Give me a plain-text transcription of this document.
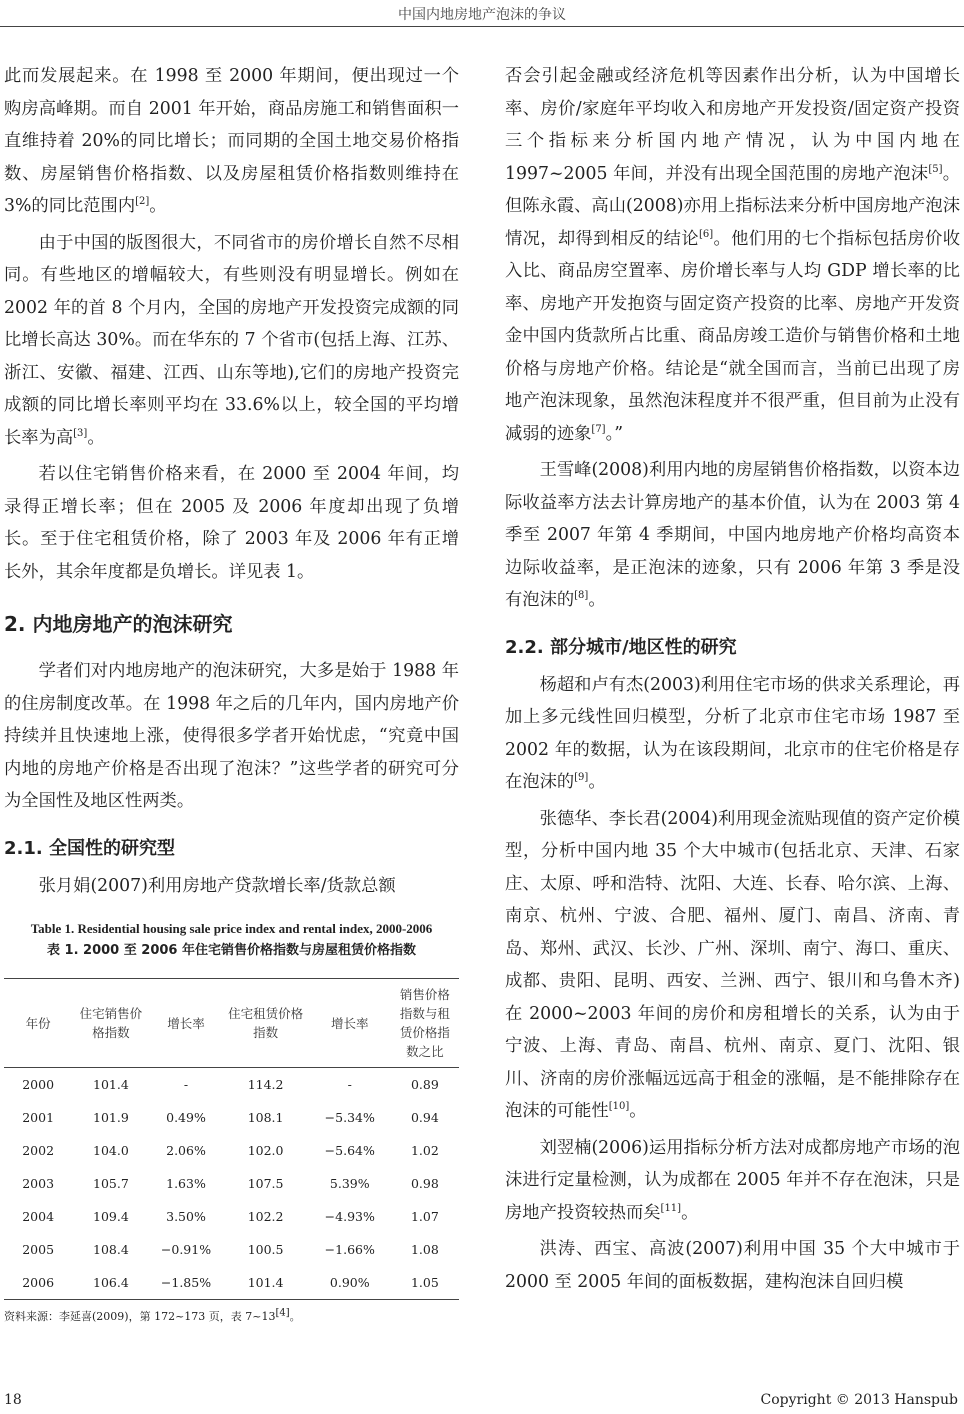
中国内地房地产泡沫的争议

此而发展起来。在 1998 至 2000 年期间，便出现过一个购房高峰期。而自 2001 年开始，商品房施工和销售面积一直维持着 20%的同比增长；而同期的全国土地交易价格指数、房屋销售价格指数、以及房屋租赁价格指数则维持在 3%的同比范围内[2]。

由于中国的版图很大，不同省市的房价增长自然不尽相同。有些地区的增幅较大，有些则没有明显增长。例如在 2002 年的首 8 个月内，全国的房地产开发投资完成额的同比增长高达 30%。而在华东的 7 个省市(包括上海、江苏、浙江、安徽、福建、江西、山东等地),它们的房地产投资完成额的同比增长率则平均在 33.6%以上，较全国的平均增长率为高[3]。

若以住宅销售价格来看，在 2000 至 2004 年间，均录得正增长率；但在 2005 及 2006 年度却出现了负增长。至于住宅租赁价格，除了 2003 年及 2006 年有正增长外，其余年度都是负增长。详见表 1。

2. 内地房地产的泡沫研究

学者们对内地房地产的泡沫研究，大多是始于 1988 年的住房制度改革。在 1998 年之后的几年内，国内房地产价持续并且快速地上涨，使得很多学者开始忧虑，“究竟中国内地的房地产价格是否出现了泡沫？”这些学者的研究可分为全国性及地区性两类。

2.1. 全国性的研究型

张月娟(2007)利用房地产贷款增长率/货款总额

Table 1. Residential housing sale price index and rental index, 2000-2006
表 1. 2000 至 2006 年住宅销售价格指数与房屋租赁价格指数
年份	住宅销售价格指数	增长率	住宅租赁价格指数	增长率	销售价格指数与租赁价格指数之比
2000	101.4	-	114.2	-	0.89
2001	101.9	0.49%	108.1	−5.34%	0.94
2002	104.0	2.06%	102.0	−5.64%	1.02
2003	105.7	1.63%	107.5	5.39%	0.98
2004	109.4	3.50%	102.2	−4.93%	1.07
2005	108.4	−0.91%	100.5	−1.66%	1.08
2006	106.4	−1.85%	101.4	0.90%	1.05
资料来源：李延喜(2009)，第 172~173 页，表 7~13[4]。

否会引起金融或经济危机等因素作出分析，认为中国增长率、房价/家庭年平均收入和房地产开发投资/固定资产投资三个指标来分析国内地产情况，认为中国内地在 1997~2005 年间，并没有出现全国范围的房地产泡沫[5]。但陈永霞、高山(2008)亦用上指标法来分析中国房地产泡沫情况，却得到相反的结论[6]。他们用的七个指标包括房价收入比、商品房空置率、房价增长率与人均 GDP 增长率的比率、房地产开发抱资与固定资产投资的比率、房地产开发资金中国内货款所占比重、商品房竣工造价与销售价格和土地价格与房地产价格。结论是“就全国而言，当前已出现了房地产泡沫现象，虽然泡沫程度并不很严重，但目前为止没有减弱的迹象[7]。”

王雪峰(2008)利用内地的房屋销售价格指数，以资本边际收益率方法去计算房地产的基本价值，认为在 2003 第 4 季至 2007 年第 4 季期间，中国内地房地产价格均高资本边际收益率，是正泡沫的迹象，只有 2006 年第 3 季是没有泡沫的[8]。

2.2. 部分城市/地区性的研究

杨超和卢有杰(2003)利用住宅市场的供求关系理论，再加上多元线性回归模型，分析了北京市住宅市场 1987 至 2002 年的数据，认为在该段期间，北京市的住宅价格是存在泡沫的[9]。

张德华、李长君(2004)利用现金流贴现值的资产定价模型，分析中国内地 35 个大中城市(包括北京、天津、石家庄、太原、呼和浩特、沈阳、大连、长春、哈尔滨、上海、南京、杭州、宁波、合肥、福州、厦门、南昌、济南、青岛、郑州、武汉、长沙、广州、深圳、南宁、海口、重庆、成都、贵阳、昆明、西安、兰洲、西宁、银川和乌鲁木齐)在 2000~2003 年间的房价和房租增长的关系，认为由于宁波、上海、青岛、南昌、杭州、南京、夏门、沈阳、银川、济南的房价涨幅远远高于租金的涨幅，是不能排除存在泡沫的可能性[10]。

刘翌楠(2006)运用指标分析方法对成都房地产市场的泡沫进行定量检测，认为成都在 2005 年并不存在泡沫，只是房地产投资较热而矣[11]。

洪涛、西宝、高波(2007)利用中国 35 个大中城市于 2000 至 2005 年间的面板数据，建构泡沫自回归模

18	Copyright © 2013 Hanspub
